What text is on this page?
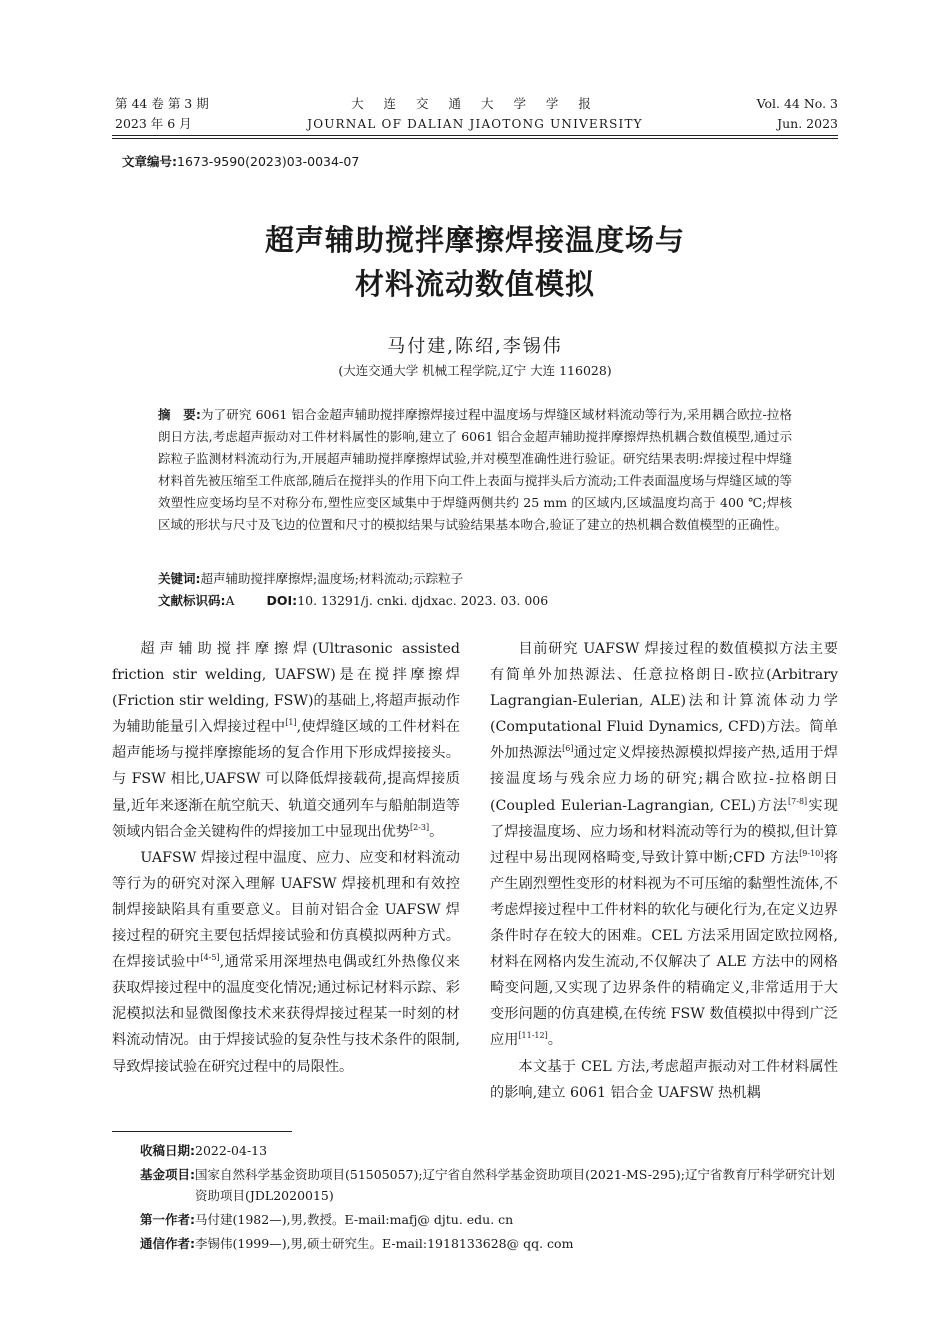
第 44 卷 第 3 期
2023 年 6 月
大 连 交 通 大 学 学 报
JOURNAL OF DALIAN JIAOTONG UNIVERSITY
Vol. 44 No. 3
Jun. 2023
文章编号:1673-9590(2023)03-0034-07
超声辅助搅拌摩擦焊接温度场与
材料流动数值模拟
马付建,陈绍,李锡伟
(大连交通大学 机械工程学院,辽宁 大连 116028)
摘　要:为了研究 6061 铝合金超声辅助搅拌摩擦焊接过程中温度场与焊缝区域材料流动等行为,采用耦合欧拉-拉格朗日方法,考虑超声振动对工件材料属性的影响,建立了 6061 铝合金超声辅助搅拌摩擦焊热机耦合数值模型,通过示踪粒子监测材料流动行为,开展超声辅助搅拌摩擦焊试验,并对模型准确性进行验证。研究结果表明:焊接过程中焊缝材料首先被压缩至工件底部,随后在搅拌头的作用下向工件上表面与搅拌头后方流动;工件表面温度场与焊缝区域的等效塑性应变场均呈不对称分布,塑性应变区域集中于焊缝两侧共约 25 mm 的区域内,区域温度均高于 400 ℃;焊核区域的形状与尺寸及飞边的位置和尺寸的模拟结果与试验结果基本吻合,验证了建立的热机耦合数值模型的正确性。
关键词:超声辅助搅拌摩擦焊;温度场;材料流动;示踪粒子
文献标识码:A	DOI:10. 13291/j. cnki. djdxac. 2023. 03. 006

超声辅助搅拌摩擦焊(Ultrasonic assisted friction stir welding, UAFSW)是在搅拌摩擦焊(Friction stir welding, FSW)的基础上,将超声振动作为辅助能量引入焊接过程中[1],使焊缝区域的工件材料在超声能场与搅拌摩擦能场的复合作用下形成焊接接头。与 FSW 相比,UAFSW 可以降低焊接载荷,提高焊接质量,近年来逐渐在航空航天、轨道交通列车与船舶制造等领域内铝合金关键构件的焊接加工中显现出优势[2-3]。

UAFSW 焊接过程中温度、应力、应变和材料流动等行为的研究对深入理解 UAFSW 焊接机理和有效控制焊接缺陷具有重要意义。目前对铝合金 UAFSW 焊接过程的研究主要包括焊接试验和仿真模拟两种方式。在焊接试验中[4-5],通常采用深埋热电偶或红外热像仪来获取焊接过程中的温度变化情况;通过标记材料示踪、彩泥模拟法和显微图像技术来获得焊接过程某一时刻的材料流动情况。由于焊接试验的复杂性与技术条件的限制,导致焊接试验在研究过程中的局限性。

目前研究 UAFSW 焊接过程的数值模拟方法主要有简单外加热源法、任意拉格朗日-欧拉(Arbitrary Lagrangian-Eulerian, ALE)法和计算流体动力学(Computational Fluid Dynamics, CFD)方法。简单外加热源法[6]通过定义焊接热源模拟焊接产热,适用于焊接温度场与残余应力场的研究;耦合欧拉-拉格朗日(Coupled Eulerian-Lagrangian, CEL)方法[7-8]实现了焊接温度场、应力场和材料流动等行为的模拟,但计算过程中易出现网格畸变,导致计算中断;CFD 方法[9-10]将产生剧烈塑性变形的材料视为不可压缩的黏塑性流体,不考虑焊接过程中工件材料的软化与硬化行为,在定义边界条件时存在较大的困难。CEL 方法采用固定欧拉网格,材料在网格内发生流动,不仅解决了 ALE 方法中的网格畸变问题,又实现了边界条件的精确定义,非常适用于大变形问题的仿真建模,在传统 FSW 数值模拟中得到广泛应用[11-12]。

本文基于 CEL 方法,考虑超声振动对工件材料属性的影响,建立 6061 铝合金 UAFSW 热机耦

收稿日期: 2022-04-13
基金项目: 国家自然科学基金资助项目(51505057);辽宁省自然科学基金资助项目(2021-MS-295);辽宁省教育厅科学研究计划资助项目(JDL2020015)
第一作者: 马付建(1982—),男,教授。E-mail:mafj@ djtu. edu. cn
通信作者: 李锡伟(1999—),男,硕士研究生。E-mail:1918133628@ qq. com
